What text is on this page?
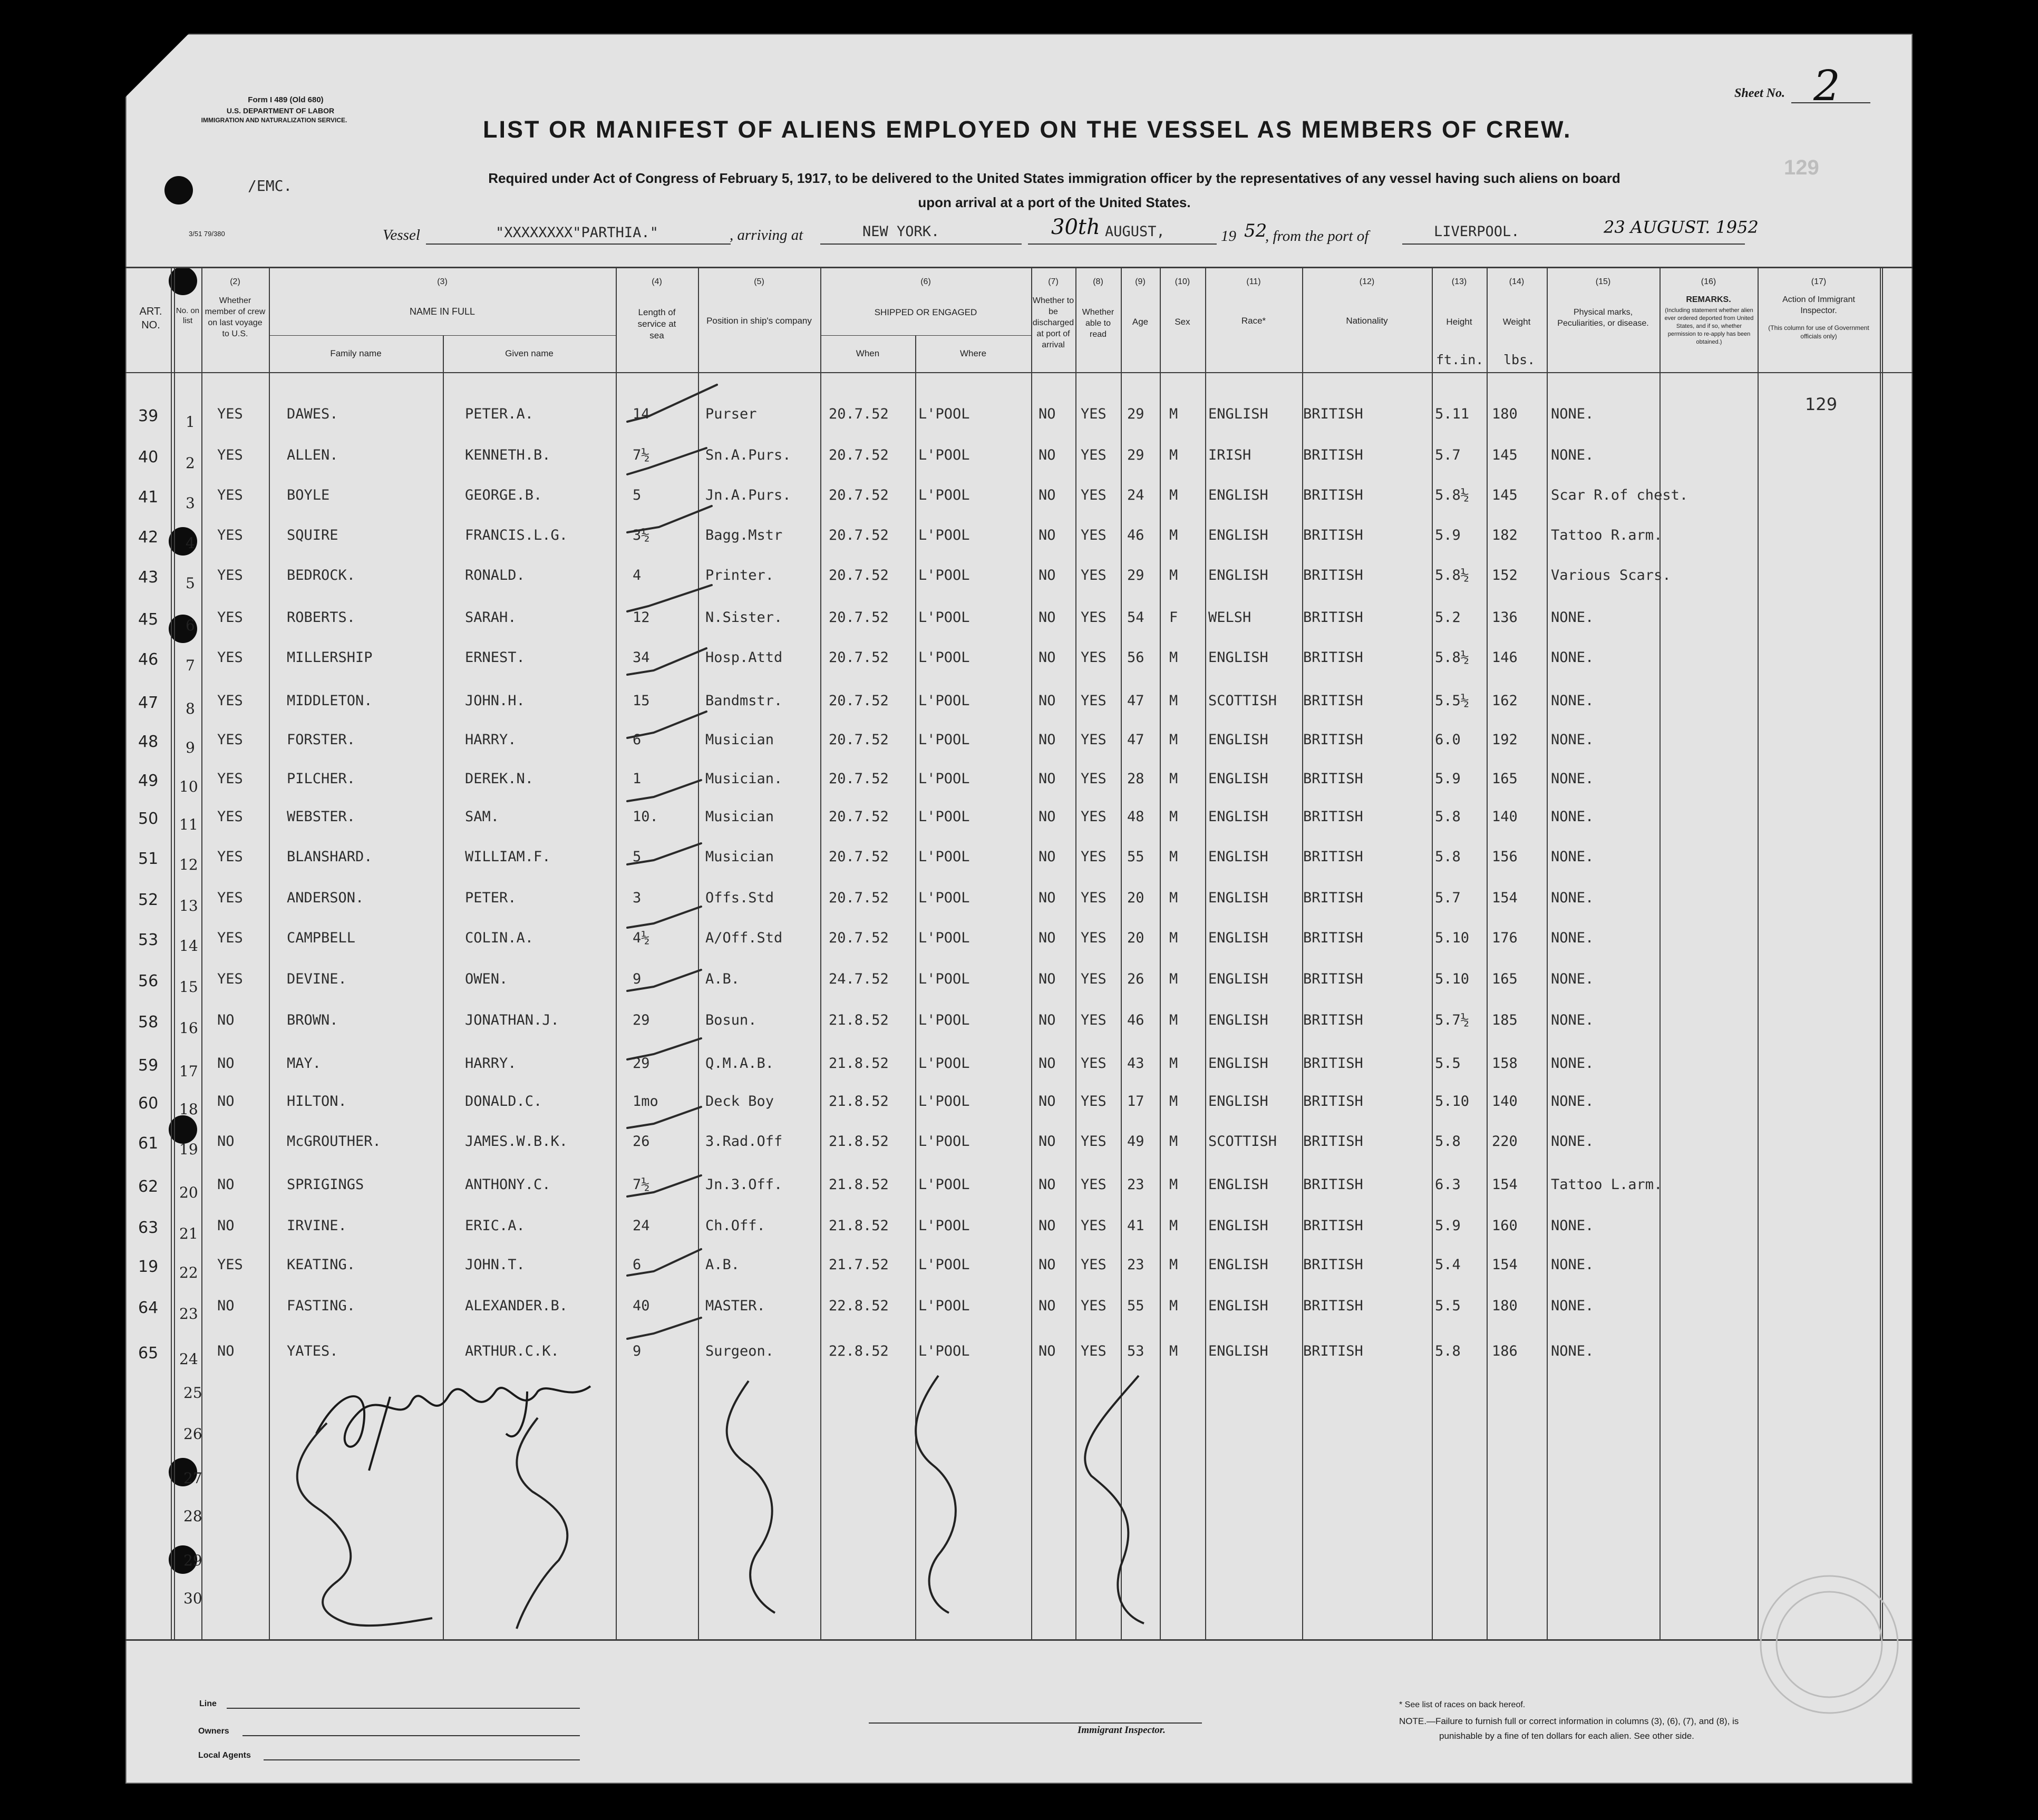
Form I 489 (Old 680)
U.S. DEPARTMENT OF LABOR
IMMIGRATION AND NATURALIZATION SERVICE.
/EMC.
3/51 79/380
Sheet No. 2
129
LIST OR MANIFEST OF ALIENS EMPLOYED ON THE VESSEL AS MEMBERS OF CREW.
Required under Act of Congress of February 5, 1917, to be delivered to the United States immigration officer by the representatives of any vessel having such aliens on board
upon arrival at a port of the United States.
Vessel	"XXXXXXXX"PARTHIA."	, arriving at	NEW YORK.	30th AUGUST,	19 52
, from the port of	LIVERPOOL.	23 AUGUST. 1952
ART. NO.
No. on list
(2)
Whether member of crew on last voyage to U.S.
(3)
NAME IN FULL
Family name	Given name
(4)
Length of service at sea
(5)
Position in ship's company
(6)
SHIPPED OR ENGAGED
When	Where
(7)
Whether to be discharged at port of arrival
(8)
Whether able to read
(9)
Age
(10)
Sex
(11)
Race*
(12)
Nationality
(13)
Height
ft.in.
(14)
Weight
lbs.
(15)
Physical marks, Peculiarities, or disease.
(16)
REMARKS.
(Including statement whether alien ever ordered deported from United States, and if so, whether permission to re-apply has been obtained.)
(17)
Action of Immigrant Inspector.
(This column for use of Government officials only)
39 1 YES	DAWES.	PETER.A.	14	Purser	20.7.52 L'POOL	NO YES 29 M ENGLISH BRITISH	5.11 180 NONE.	129
40 2 YES	ALLEN.	KENNETH.B.	7½	Sn.A.Purs.	20.7.52 L'POOL	NO YES 29 M IRISH	BRITISH	5.7 145 NONE.
41 3 YES	BOYLE	GEORGE.B.	5	Jn.A.Purs.	20.7.52 L'POOL	NO YES 24 M ENGLISH BRITISH	5.8½ 145 Scar R.of chest.
42 4 YES	SQUIRE	FRANCIS.L.G.	3½	Bagg.Mstr	20.7.52 L'POOL	NO YES 46 M ENGLISH BRITISH	5.9 182 Tattoo R.arm.
43 5 YES	BEDROCK.	RONALD.	4	Printer.	20.7.52 L'POOL	NO YES 29 M ENGLISH BRITISH	5.8½ 152 Various Scars.
45 6 YES	ROBERTS.	SARAH.	12	N.Sister.	20.7.52 L'POOL	NO YES 54 F WELSH	BRITISH	5.2 136 NONE.
46 7 YES	MILLERSHIP	ERNEST.	34	Hosp.Attd	20.7.52 L'POOL	NO YES 56 M ENGLISH BRITISH	5.8½ 146 NONE.
47 8 YES	MIDDLETON.	JOHN.H.	15	Bandmstr.	20.7.52 L'POOL	NO YES 47 M SCOTTISH BRITISH	5.5½ 162 NONE.
48 9 YES	FORSTER.	HARRY.	6	Musician	20.7.52 L'POOL	NO YES 47 M ENGLISH BRITISH	6.0 192 NONE.
49 10 YES	PILCHER.	DEREK.N.	1	Musician.	20.7.52 L'POOL	NO YES 28 M ENGLISH BRITISH	5.9 165 NONE.
50 11 YES	WEBSTER.	SAM.	10.	Musician	20.7.52 L'POOL	NO YES 48 M ENGLISH BRITISH	5.8 140 NONE.
51 12 YES	BLANSHARD.	WILLIAM.F.	5	Musician	20.7.52 L'POOL	NO YES 55 M ENGLISH BRITISH	5.8 156 NONE.
52 13 YES	ANDERSON.	PETER.	3	Offs.Std	20.7.52 L'POOL	NO YES 20 M ENGLISH BRITISH	5.7 154 NONE.
53 14 YES	CAMPBELL	COLIN.A.	4½	A/Off.Std	20.7.52 L'POOL	NO YES 20 M ENGLISH BRITISH	5.10 176 NONE.
56 15 YES	DEVINE.	OWEN.	9	A.B.	24.7.52 L'POOL	NO YES 26 M ENGLISH BRITISH	5.10 165 NONE.
58 16 NO	BROWN.	JONATHAN.J.	29	Bosun.	21.8.52 L'POOL	NO YES 46 M ENGLISH BRITISH	5.7½ 185 NONE.
59 17 NO	MAY.	HARRY.	29	Q.M.A.B.	21.8.52 L'POOL	NO YES 43 M ENGLISH BRITISH	5.5 158 NONE.
60 18 NO	HILTON.	DONALD.C.	1mo	Deck Boy	21.8.52 L'POOL	NO YES 17 M ENGLISH BRITISH	5.10 140 NONE.
61 19 NO	McGROUTHER.	JAMES.W.B.K.	26	3.Rad.Off	21.8.52 L'POOL	NO YES 49 M SCOTTISH BRITISH	5.8 220 NONE.
62 20 NO	SPRIGINGS	ANTHONY.C.	7½	Jn.3.Off.	21.8.52 L'POOL	NO YES 23 M ENGLISH BRITISH	6.3 154 Tattoo L.arm.
63 21 NO	IRVINE.	ERIC.A.	24	Ch.Off.	21.8.52 L'POOL	NO YES 41 M ENGLISH BRITISH	5.9 160 NONE.
19 22 YES	KEATING.	JOHN.T.	6	A.B.	21.7.52 L'POOL	NO YES 23 M ENGLISH BRITISH	5.4 154 NONE.
64 23 NO	FASTING.	ALEXANDER.B.	40	MASTER.	22.8.52 L'POOL	NO YES 55 M ENGLISH BRITISH	5.5 180 NONE.
65 24 NO	YATES.	ARTHUR.C.K.	9	Surgeon.	22.8.52 L'POOL	NO YES 53 M ENGLISH BRITISH	5.8 186 NONE.
25
26
27
28
29
30
Line
Owners
Local Agents
Immigrant Inspector.
* See list of races on back hereof.
NOTE.—Failure to furnish full or correct information in columns (3), (6), (7), and (8), is
punishable by a fine of ten dollars for each alien. See other side.
